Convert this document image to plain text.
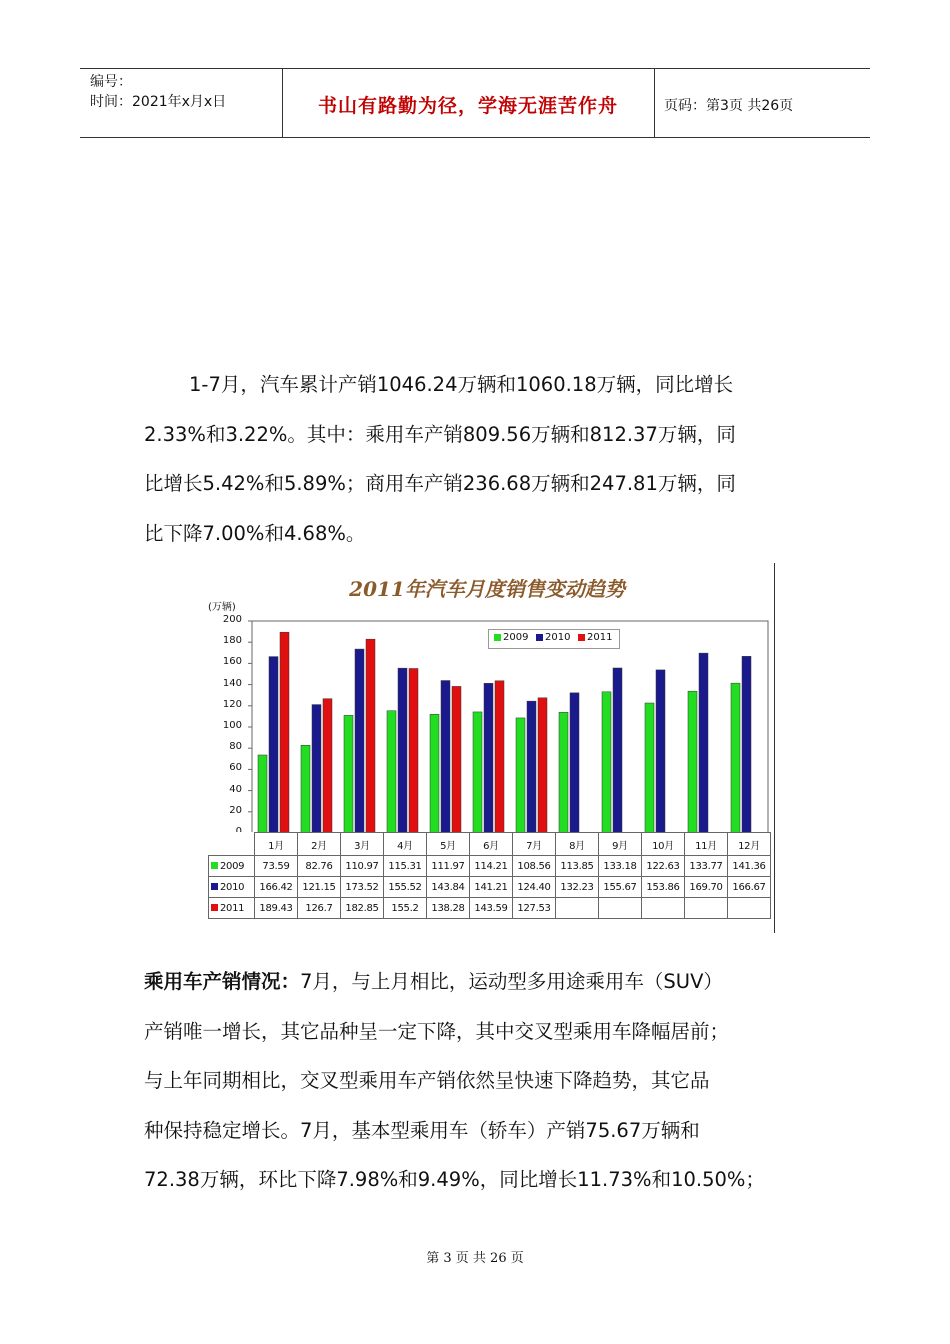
编号：
时间：2021年x月x日	书山有路勤为径，学海无涯苦作舟	页码：第3页 共26页

1-7月，汽车累计产销1046.24万辆和1060.18万辆，同比增长

2.33%和3.22%。其中：乘用车产销809.56万辆和812.37万辆，同

比增长5.42%和5.89%；商用车产销236.68万辆和247.81万辆，同

比下降7.00%和4.68%。

2011年汽车月度销售变动趋势
(万辆)
20
40
60
80
100
120
140
160
180
200
2009	2010	2011
	1月	2月	3月	4月	5月	6月	7月	8月	9月	10月	11月	12月
2009	73.59	82.76	110.97	115.31	111.97	114.21	108.56	113.85	133.18	122.63	133.77	141.36
2010	166.42	121.15	173.52	155.52	143.84	141.21	124.40	132.23	155.67	153.86	169.70	166.67
2011	189.43	126.7	182.85	155.2	138.28	143.59	127.53					

乘用车产销情况：7月，与上月相比，运动型多用途乘用车（SUV）

产销唯一增长，其它品种呈一定下降，其中交叉型乘用车降幅居前；

与上年同期相比，交叉型乘用车产销依然呈快速下降趋势，其它品

种保持稳定增长。7月，基本型乘用车（轿车）产销75.67万辆和

72.38万辆，环比下降7.98%和9.49%，同比增长11.73%和10.50%；

第 3 页 共 26 页
